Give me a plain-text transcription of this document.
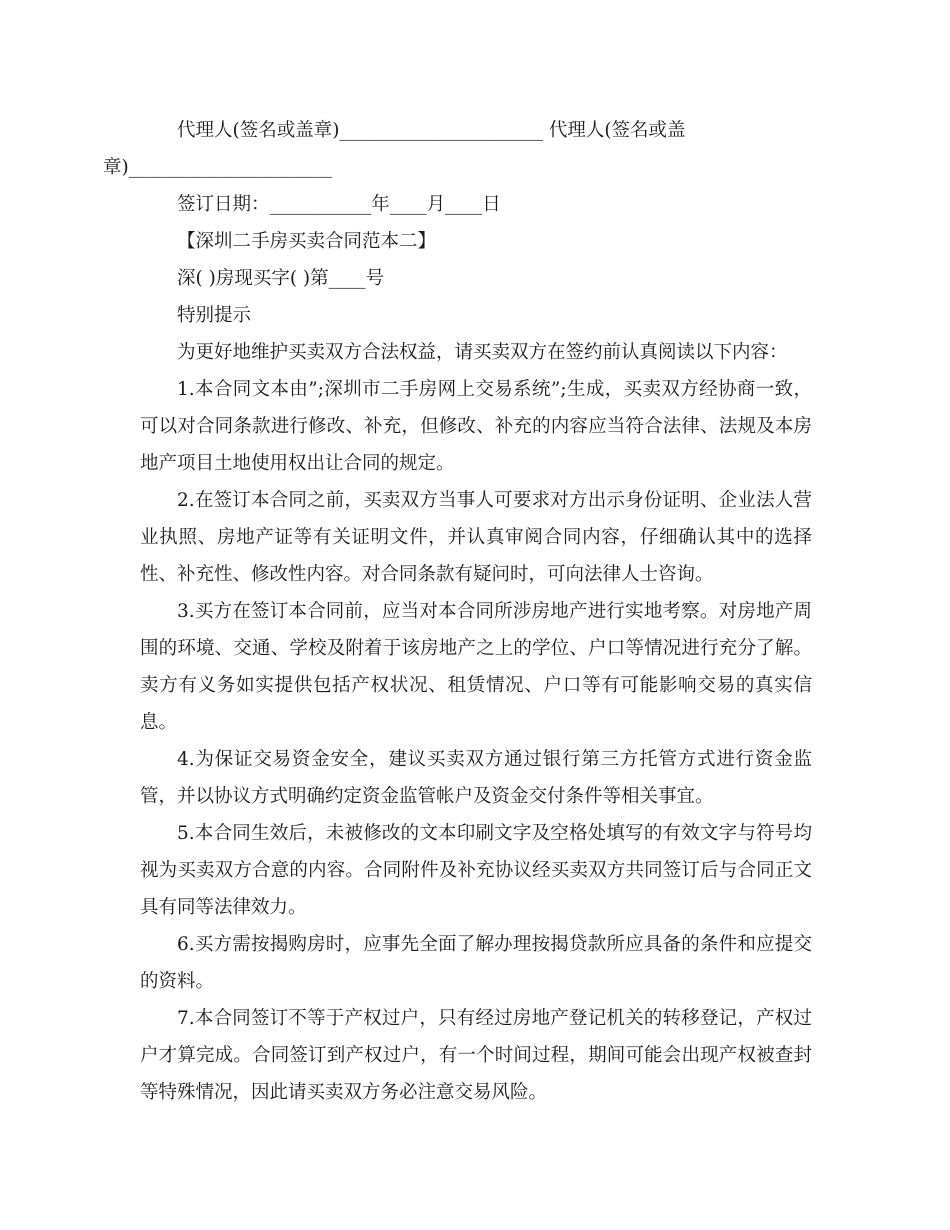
代理人(签名或盖章)______________________ 代理人(签名或盖
章)______________________

签订日期：___________年____月____日

【深圳二手房买卖合同范本二】

深( )房现买字( )第____号

特别提示

为更好地维护买卖双方合法权益，请买卖双方在签约前认真阅读以下内容：

1.本合同文本由”;深圳市二手房网上交易系统”;生成，买卖双方经协商一致，可以对合同条款进行修改、补充，但修改、补充的内容应当符合法律、法规及本房地产项目土地使用权出让合同的规定。

2.在签订本合同之前，买卖双方当事人可要求对方出示身份证明、企业法人营业执照、房地产证等有关证明文件，并认真审阅合同内容，仔细确认其中的选择性、补充性、修改性内容。对合同条款有疑问时，可向法律人士咨询。

3.买方在签订本合同前，应当对本合同所涉房地产进行实地考察。对房地产周围的环境、交通、学校及附着于该房地产之上的学位、户口等情况进行充分了解。卖方有义务如实提供包括产权状况、租赁情况、户口等有可能影响交易的真实信息。

4.为保证交易资金安全，建议买卖双方通过银行第三方托管方式进行资金监管，并以协议方式明确约定资金监管帐户及资金交付条件等相关事宜。

5.本合同生效后，未被修改的文本印刷文字及空格处填写的有效文字与符号均视为买卖双方合意的内容。合同附件及补充协议经买卖双方共同签订后与合同正文具有同等法律效力。

6.买方需按揭购房时，应事先全面了解办理按揭贷款所应具备的条件和应提交的资料。

7.本合同签订不等于产权过户，只有经过房地产登记机关的转移登记，产权过户才算完成。合同签订到产权过户，有一个时间过程，期间可能会出现产权被查封等特殊情况，因此请买卖双方务必注意交易风险。
